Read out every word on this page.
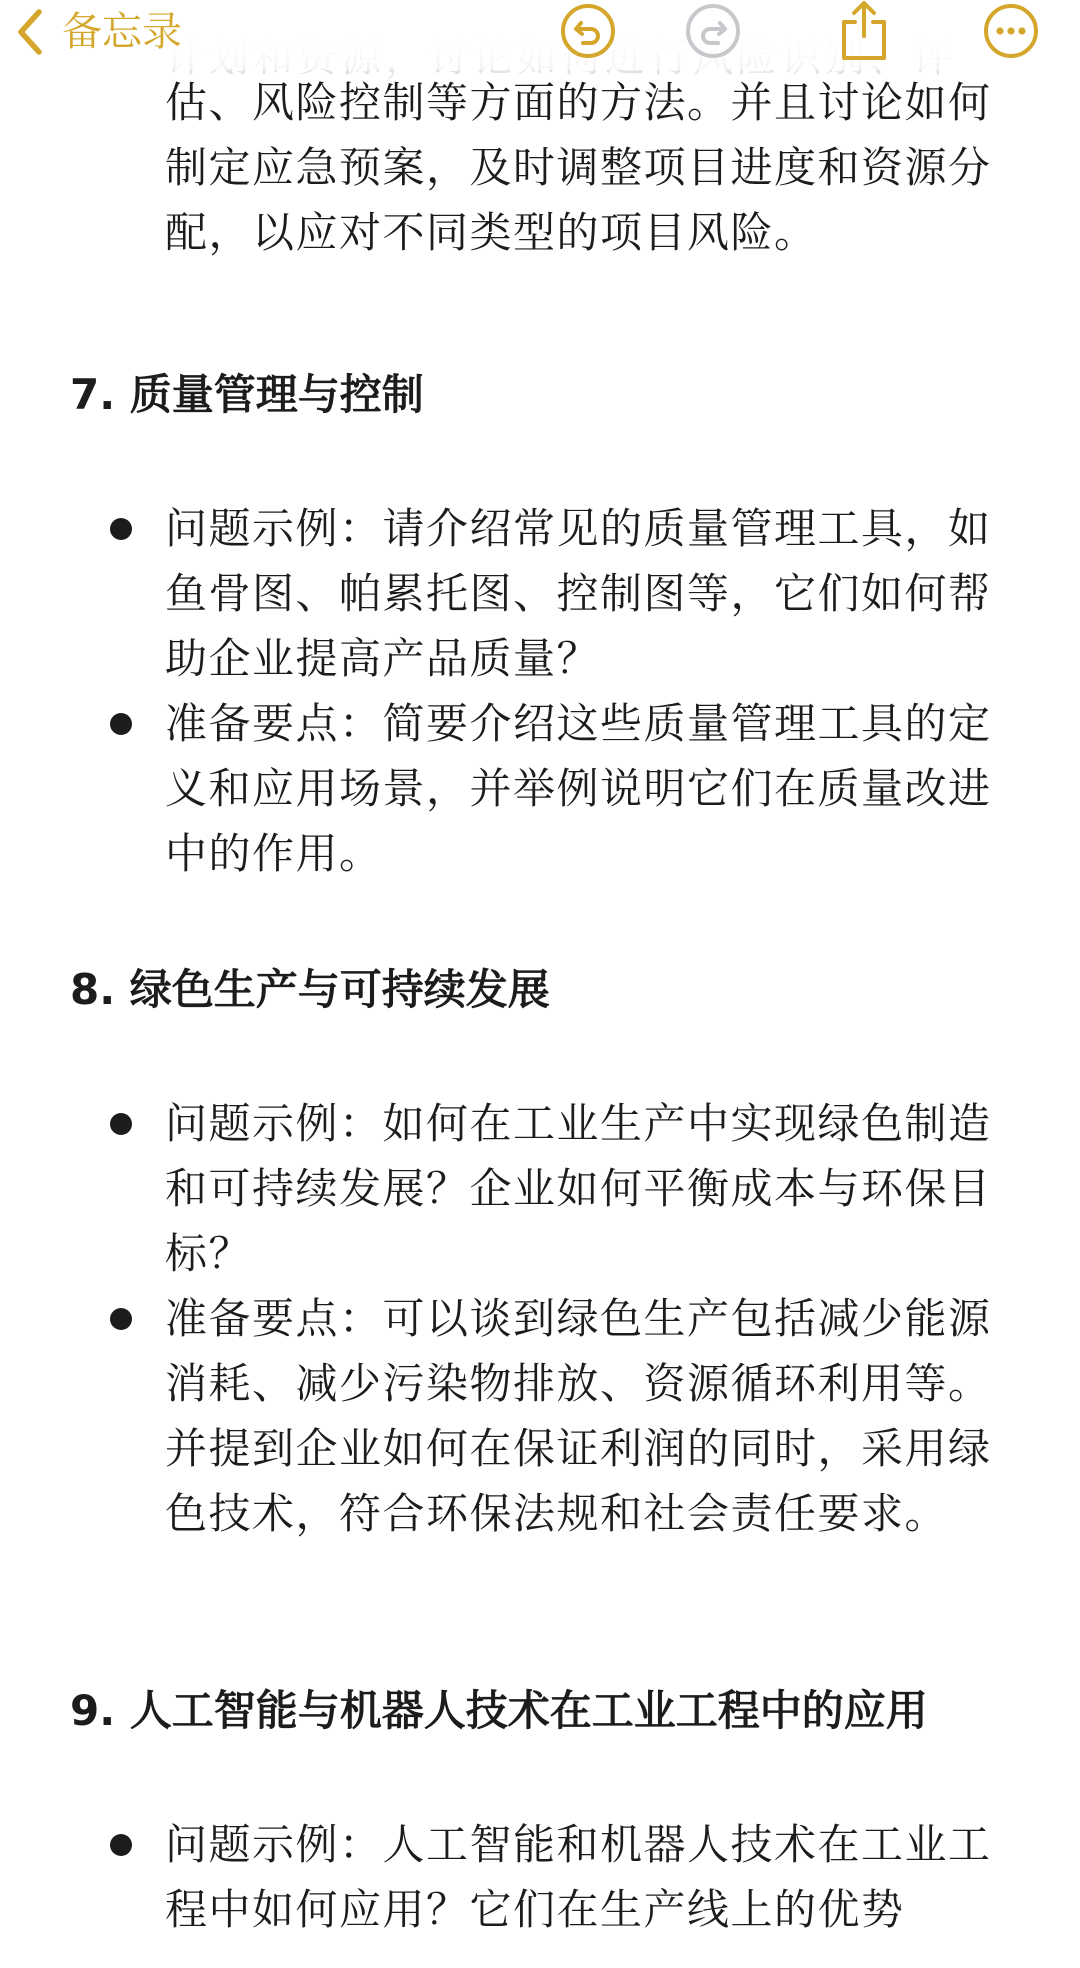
估、风险控制等方面的方法。并且讨论如何制定应急预案，及时调整项目进度和资源分配，以应对不同类型的项目风险。
7. 质量管理与控制
问题示例：请介绍常见的质量管理工具，如鱼骨图、帕累托图、控制图等，它们如何帮助企业提高产品质量？
准备要点：简要介绍这些质量管理工具的定义和应用场景，并举例说明它们在质量改进中的作用。
8. 绿色生产与可持续发展
问题示例：如何在工业生产中实现绿色制造和可持续发展？企业如何平衡成本与环保目标？
准备要点：可以谈到绿色生产包括减少能源消耗、减少污染物排放、资源循环利用等。并提到企业如何在保证利润的同时，采用绿色技术，符合环保法规和社会责任要求。
9. 人工智能与机器人技术在工业工程中的应用
问题示例：人工智能和机器人技术在工业工程中如何应用？它们在生产线上的优势
备忘录
